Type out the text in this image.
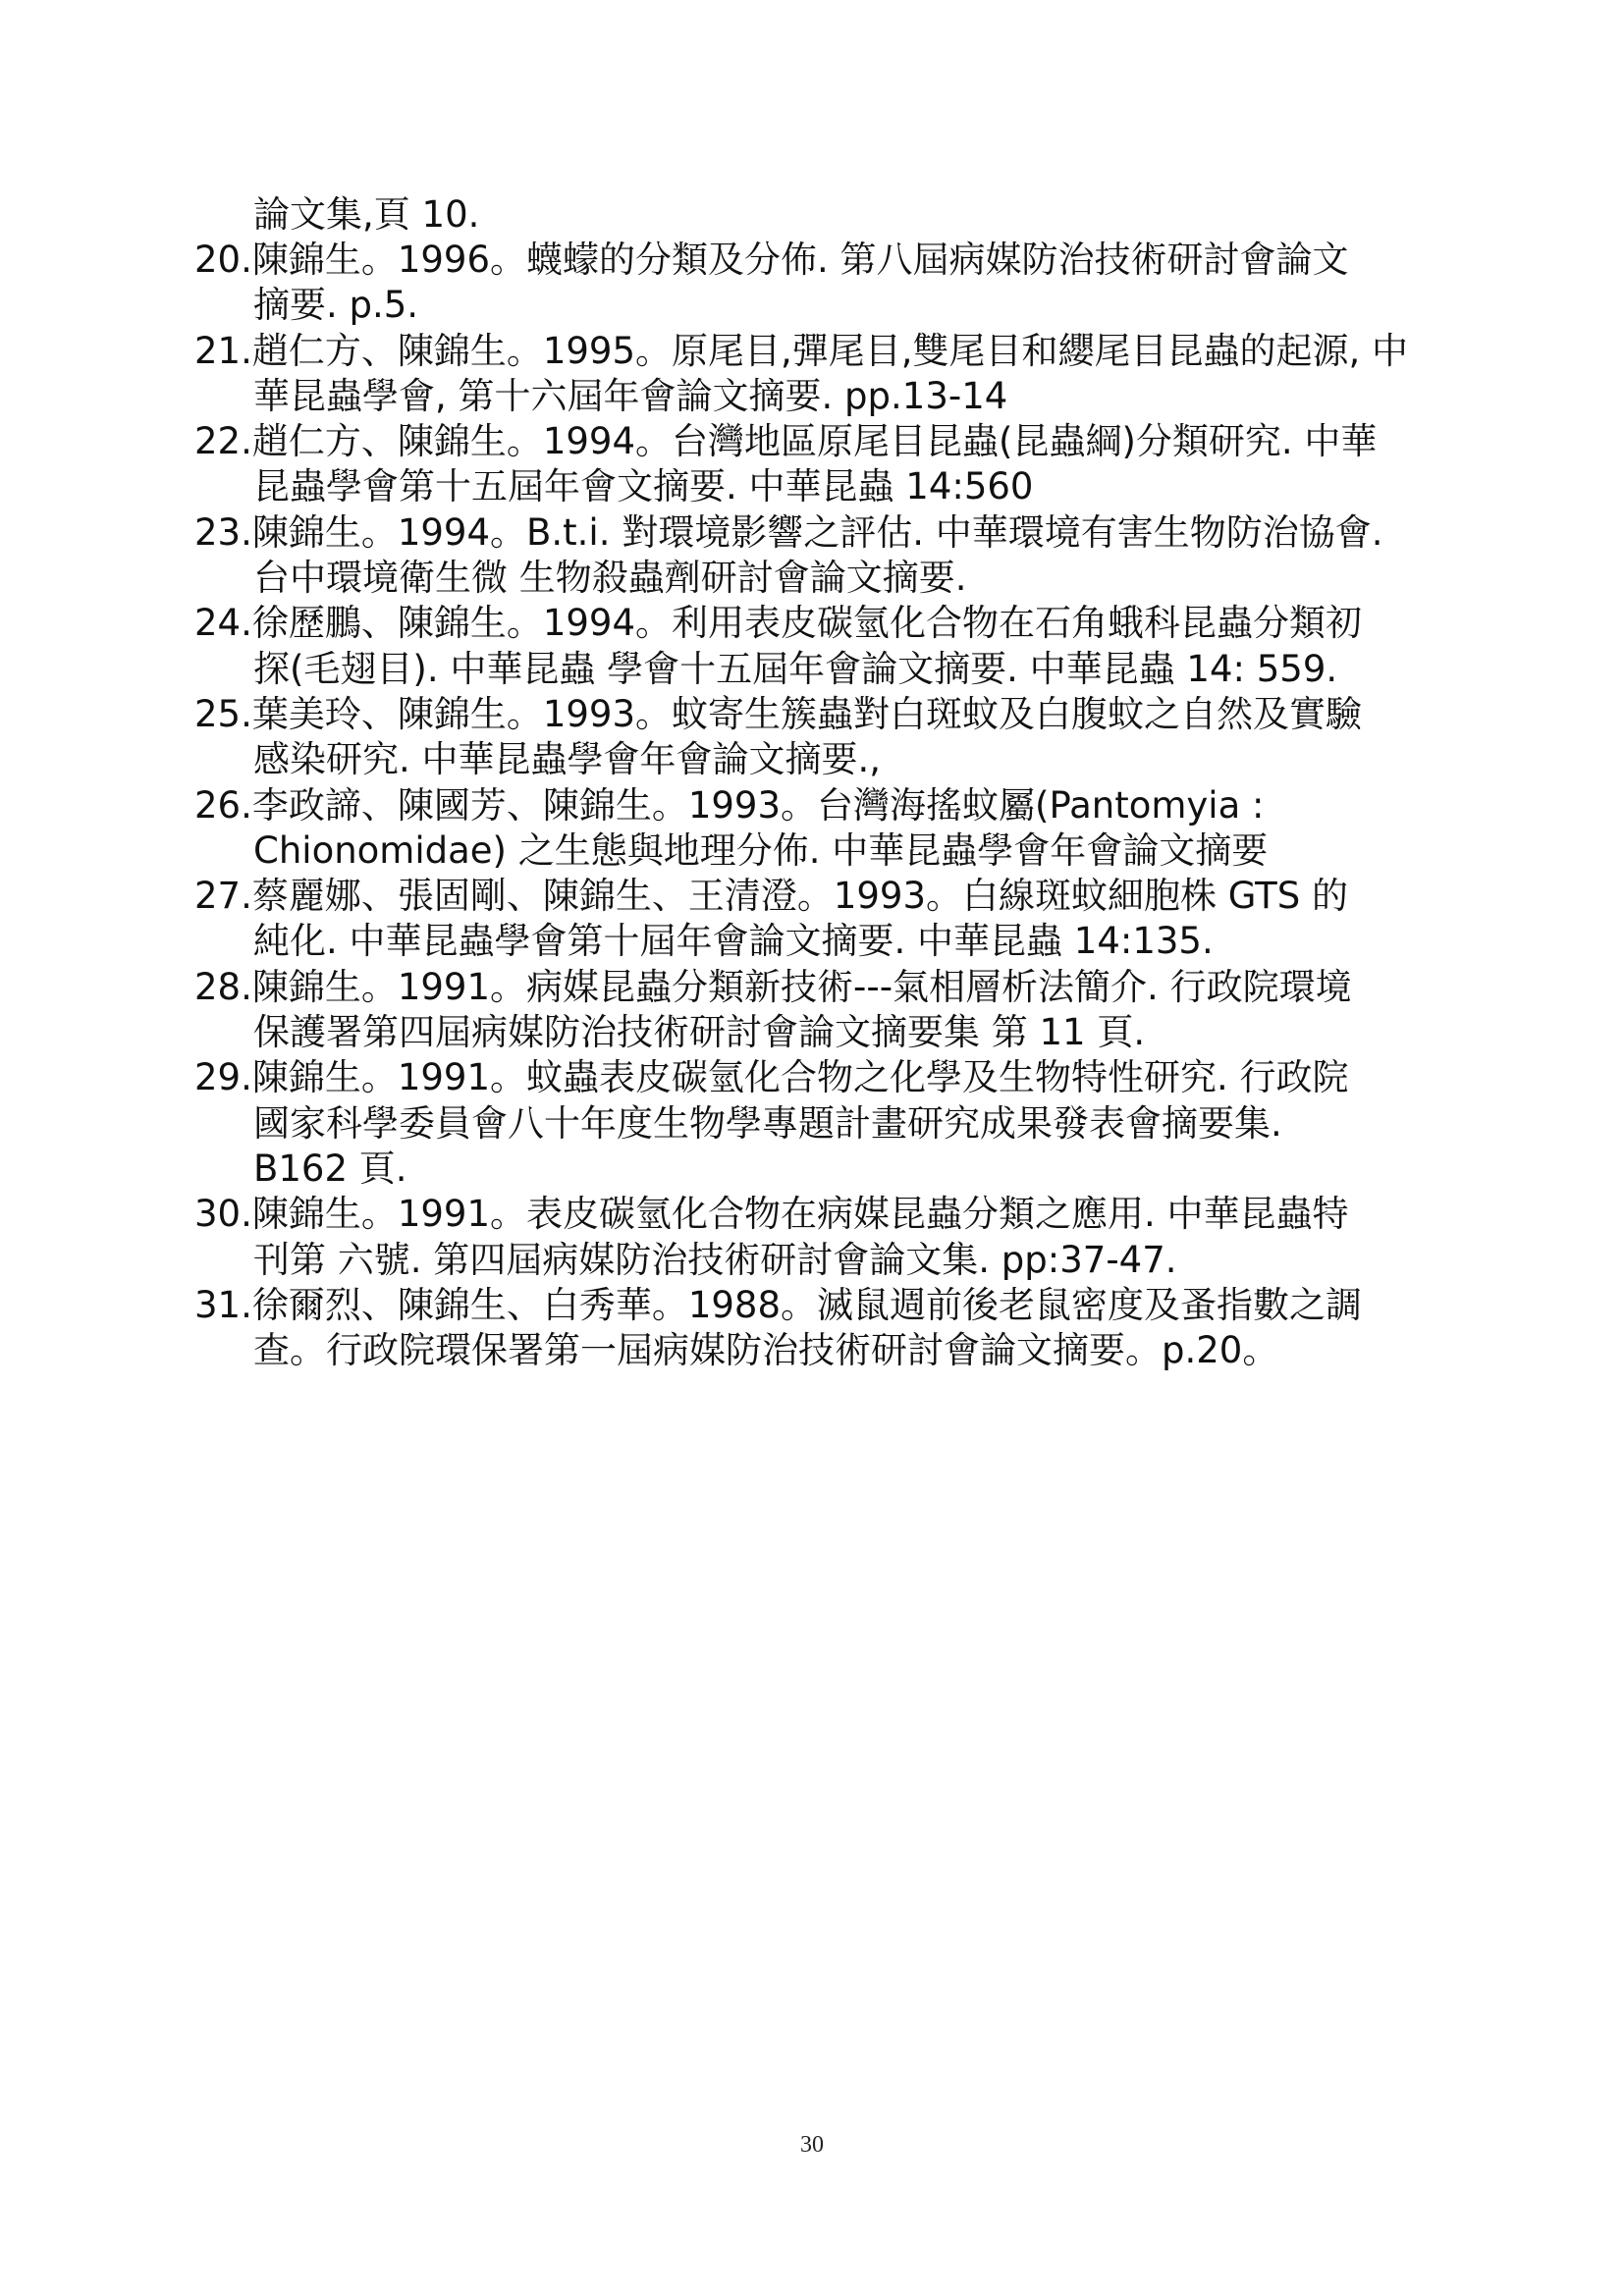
論文集,頁 10.
20.陳錦生。1996。蠛蠓的分類及分佈. 第八屆病媒防治技術研討會論文
摘要. p.5.
21.趙仁方、陳錦生。1995。原尾目,彈尾目,雙尾目和纓尾目昆蟲的起源, 中
華昆蟲學會, 第十六屆年會論文摘要. pp.13-14
22.趙仁方、陳錦生。1994。台灣地區原尾目昆蟲(昆蟲綱)分類研究. 中華
昆蟲學會第十五屆年會文摘要. 中華昆蟲 14:560
23.陳錦生。1994。B.t.i. 對環境影響之評估. 中華環境有害生物防治協會.
台中環境衛生微 生物殺蟲劑研討會論文摘要.
24.徐歷鵬、陳錦生。1994。利用表皮碳氫化合物在石角蛾科昆蟲分類初
探(毛翅目). 中華昆蟲 學會十五屆年會論文摘要. 中華昆蟲 14: 559.
25.葉美玲、陳錦生。1993。蚊寄生簇蟲對白斑蚊及白腹蚊之自然及實驗
感染研究. 中華昆蟲學會年會論文摘要.,
26.李政諦、陳國芳、陳錦生。1993。台灣海搖蚊屬(Pantomyia :
Chionomidae) 之生態與地理分佈. 中華昆蟲學會年會論文摘要
27.蔡麗娜、張固剛、陳錦生、王清澄。1993。白線斑蚊細胞株 GTS 的
純化. 中華昆蟲學會第十屆年會論文摘要. 中華昆蟲 14:135.
28.陳錦生。1991。病媒昆蟲分類新技術---氣相層析法簡介. 行政院環境
保護署第四屆病媒防治技術研討會論文摘要集 第 11 頁.
29.陳錦生。1991。蚊蟲表皮碳氫化合物之化學及生物特性研究. 行政院
國家科學委員會八十年度生物學專題計畫研究成果發表會摘要集.
B162 頁.
30.陳錦生。1991。表皮碳氫化合物在病媒昆蟲分類之應用. 中華昆蟲特
刊第 六號. 第四屆病媒防治技術研討會論文集. pp:37-47.
31.徐爾烈、陳錦生、白秀華。1988。滅鼠週前後老鼠密度及蚤指數之調
查。行政院環保署第一屆病媒防治技術研討會論文摘要。p.20。
30
